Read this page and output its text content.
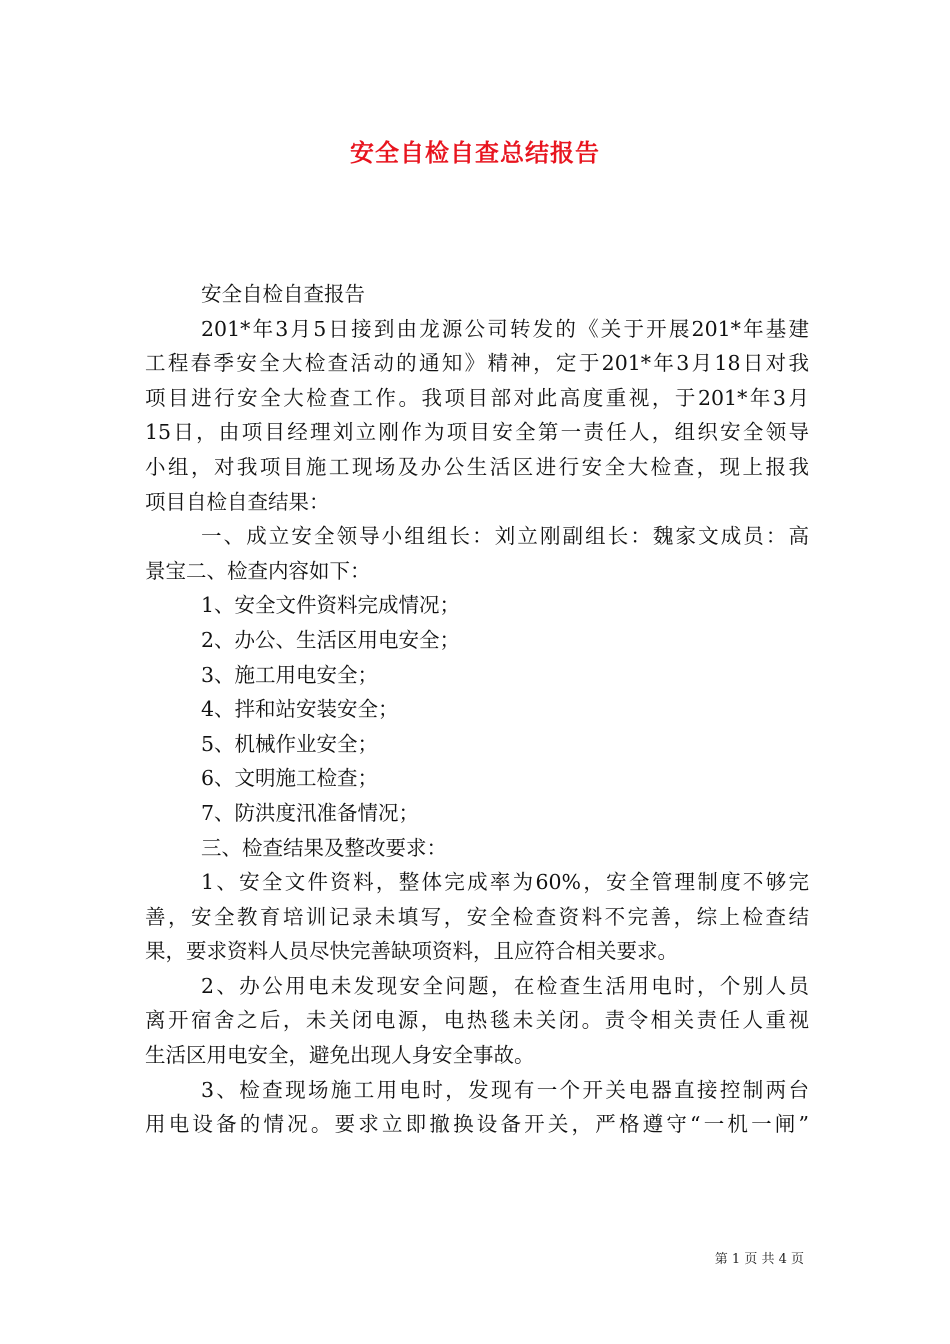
安全自检自查总结报告
安全自检自查报告
201*年3月5日接到由龙源公司转发的《关于开展201*年基建
工程春季安全大检查活动的通知》精神，定于201*年3月18日对我
项目进行安全大检查工作。我项目部对此高度重视，于201*年3月
15日，由项目经理刘立刚作为项目安全第一责任人，组织安全领导
小组，对我项目施工现场及办公生活区进行安全大检查，现上报我
项目自检自查结果：
一、成立安全领导小组组长：刘立刚副组长：魏家文成员：高
景宝二、检查内容如下：
1、安全文件资料完成情况；
2、办公、生活区用电安全；
3、施工用电安全；
4、拌和站安装安全；
5、机械作业安全；
6、文明施工检查；
7、防洪度汛准备情况；
三、检查结果及整改要求：
1、安全文件资料，整体完成率为60%，安全管理制度不够完
善，安全教育培训记录未填写，安全检查资料不完善，综上检查结
果，要求资料人员尽快完善缺项资料，且应符合相关要求。
2、办公用电未发现安全问题，在检查生活用电时，个别人员
离开宿舍之后，未关闭电源，电热毯未关闭。责令相关责任人重视
生活区用电安全，避免出现人身安全事故。
3、检查现场施工用电时，发现有一个开关电器直接控制两台
用电设备的情况。要求立即撤换设备开关，严格遵守“一机一闸”
第 1 页 共 4 页
